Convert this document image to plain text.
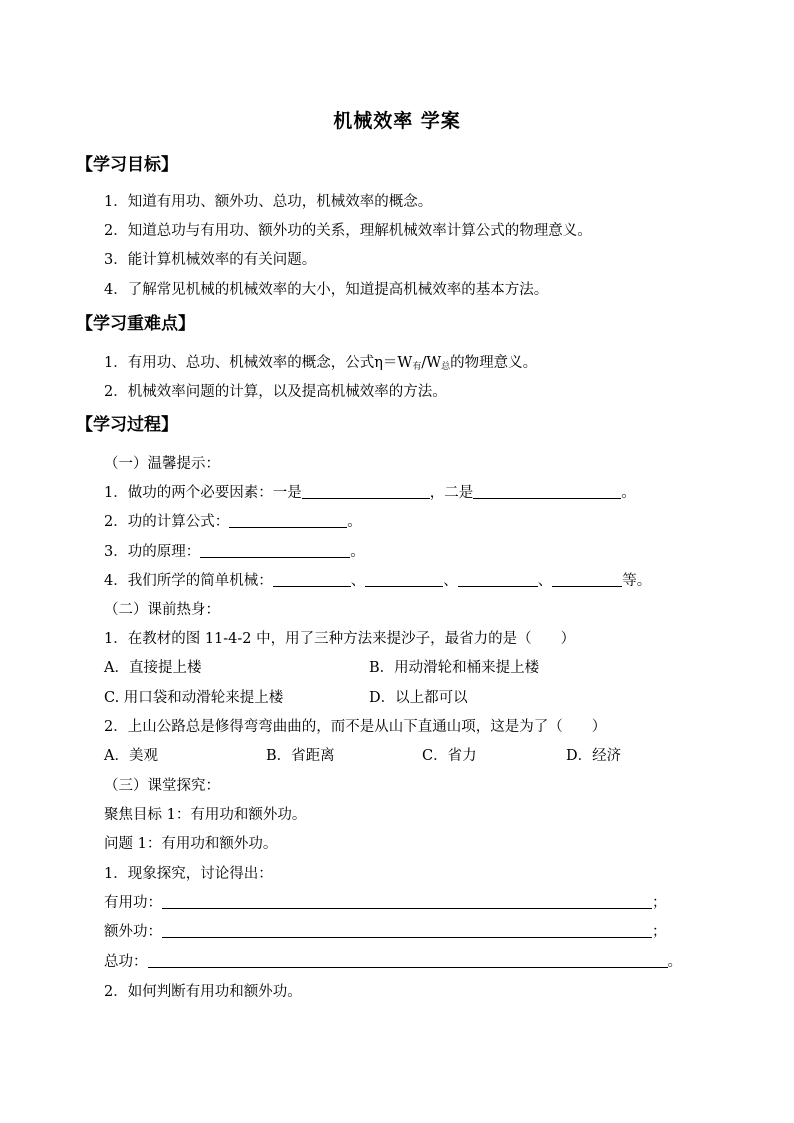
机械效率 学案
【学习目标】
1．知道有用功、额外功、总功，机械效率的概念。
2．知道总功与有用功、额外功的关系，理解机械效率计算公式的物理意义。
3．能计算机械效率的有关问题。
4．了解常见机械的机械效率的大小，知道提高机械效率的基本方法。
【学习重难点】
1．有用功、总功、机械效率的概念，公式$\eta=W_有/W_总$的物理意义。
2．机械效率问题的计算，以及提高机械效率的方法。
【学习过程】
（一）温馨提示：
1．做功的两个必要因素：一是	，二是	。
2．功的计算公式：	。
3．功的原理：	。
4．我们所学的简单机械：	、	、	、	等。
（二）课前热身：
1．在教材的图 11-4-2 中，用了三种方法来提沙子，最省力的是（　　）
A．直接提上楼	B．用动滑轮和桶来提上楼
C. 用口袋和动滑轮来提上楼	D．以上都可以
2．上山公路总是修得弯弯曲曲的，而不是从山下直通山项，这是为了（　　）
A．美观	B．省距离	C．省力	D．经济
（三）课堂探究：
聚焦目标 1：有用功和额外功。
问题 1：有用功和额外功。
1．现象探究，讨论得出：
有用功：	；
额外功：	；
总功：	。
2．如何判断有用功和额外功。
